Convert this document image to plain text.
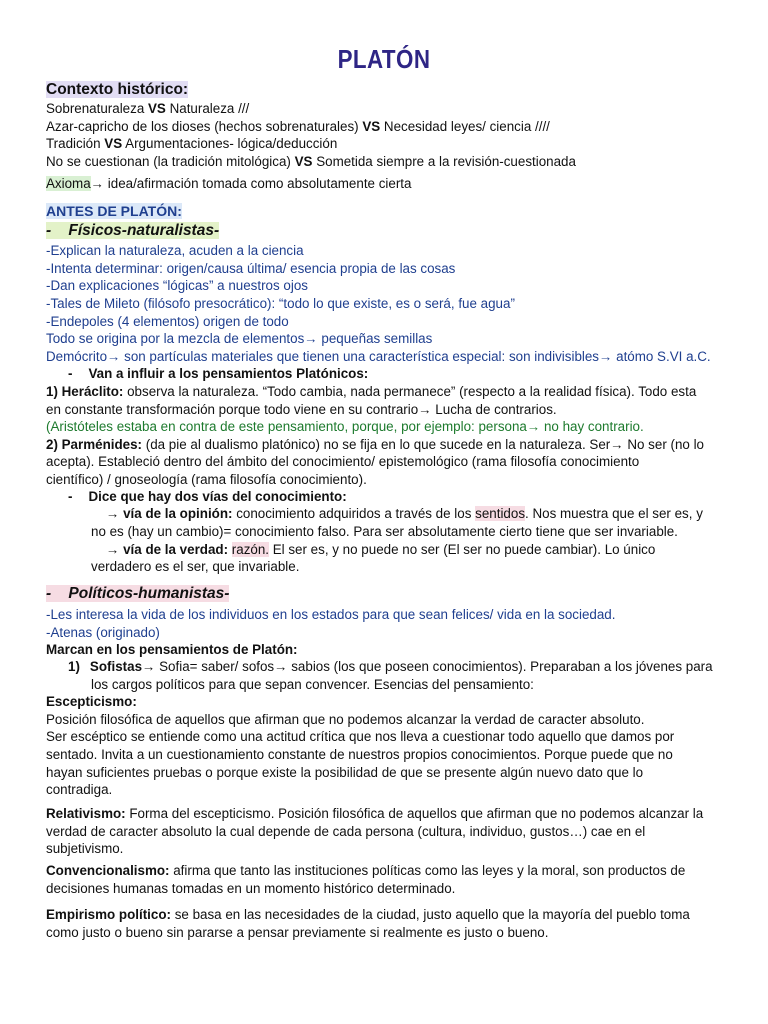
PLATÓN
Contexto histórico:
Sobrenaturaleza VS Naturaleza ///
Azar-capricho de los dioses (hechos sobrenaturales) VS Necesidad leyes/ ciencia ////
Tradición VS Argumentaciones- lógica/deducción
No se cuestionan (la tradición mitológica) VS Sometida siempre a la revisión-cuestionada
Axioma→ idea/afirmación tomada como absolutamente cierta
ANTES DE PLATÓN:
-    Físicos-naturalistas-
-Explican la naturaleza, acuden a la ciencia
-Intenta determinar: origen/causa última/ esencia propia de las cosas
-Dan explicaciones “lógicas” a nuestros ojos
-Tales de Mileto (filósofo presocrático): “todo lo que existe, es o será, fue agua”
-Endepoles (4 elementos) origen de todo
Todo se origina por la mezcla de elementos→ pequeñas semillas
Demócrito→ son partículas materiales que tienen una característica especial: son indivisibles→ atómo S.VI a.C.
- Van a influir a los pensamientos Platónicos:
1) Heráclito: observa la naturaleza. “Todo cambia, nada permanece” (respecto a la realidad física). Todo esta
en constante transformación porque todo viene en su contrario→ Lucha de contrarios.
(Aristóteles estaba en contra de este pensamiento, porque, por ejemplo: persona→ no hay contrario.
2) Parménides: (da pie al dualismo platónico) no se fija en lo que sucede en la naturaleza. Ser→ No ser (no lo
acepta). Estableció dentro del ámbito del conocimiento/ epistemológico (rama filosofía conocimiento
científico) / gnoseología (rama filosofía conocimiento).
- Dice que hay dos vías del conocimiento:
→ vía de la opinión: conocimiento adquiridos a través de los sentidos. Nos muestra que el ser es, y
no es (hay un cambio)= conocimiento falso. Para ser absolutamente cierto tiene que ser invariable.
→ vía de la verdad: razón. El ser es, y no puede no ser (El ser no puede cambiar). Lo único
verdadero es el ser, que invariable.
-    Políticos-humanistas-
-Les interesa la vida de los individuos en los estados para que sean felices/ vida en la sociedad.
-Atenas (originado)
Marcan en los pensamientos de Platón:
1) Sofistas→ Sofia= saber/ sofos→ sabios (los que poseen conocimientos). Preparaban a los jóvenes para
los cargos políticos para que sepan convencer. Esencias del pensamiento:
Escepticismo:
Posición filosófica de aquellos que afirman que no podemos alcanzar la verdad de caracter absoluto.
Ser escéptico se entiende como una actitud crítica que nos lleva a cuestionar todo aquello que damos por
sentado. Invita a un cuestionamiento constante de nuestros propios conocimientos. Porque puede que no
hayan suficientes pruebas o porque existe la posibilidad de que se presente algún nuevo dato que lo
contradiga.
Relativismo: Forma del escepticismo. Posición filosófica de aquellos que afirman que no podemos alcanzar la
verdad de caracter absoluto la cual depende de cada persona (cultura, individuo, gustos…) cae en el
subjetivismo.
Convencionalismo: afirma que tanto las instituciones políticas como las leyes y la moral, son productos de
decisiones humanas tomadas en un momento histórico determinado.
Empirismo político: se basa en las necesidades de la ciudad, justo aquello que la mayoría del pueblo toma
como justo o bueno sin pararse a pensar previamente si realmente es justo o bueno.
